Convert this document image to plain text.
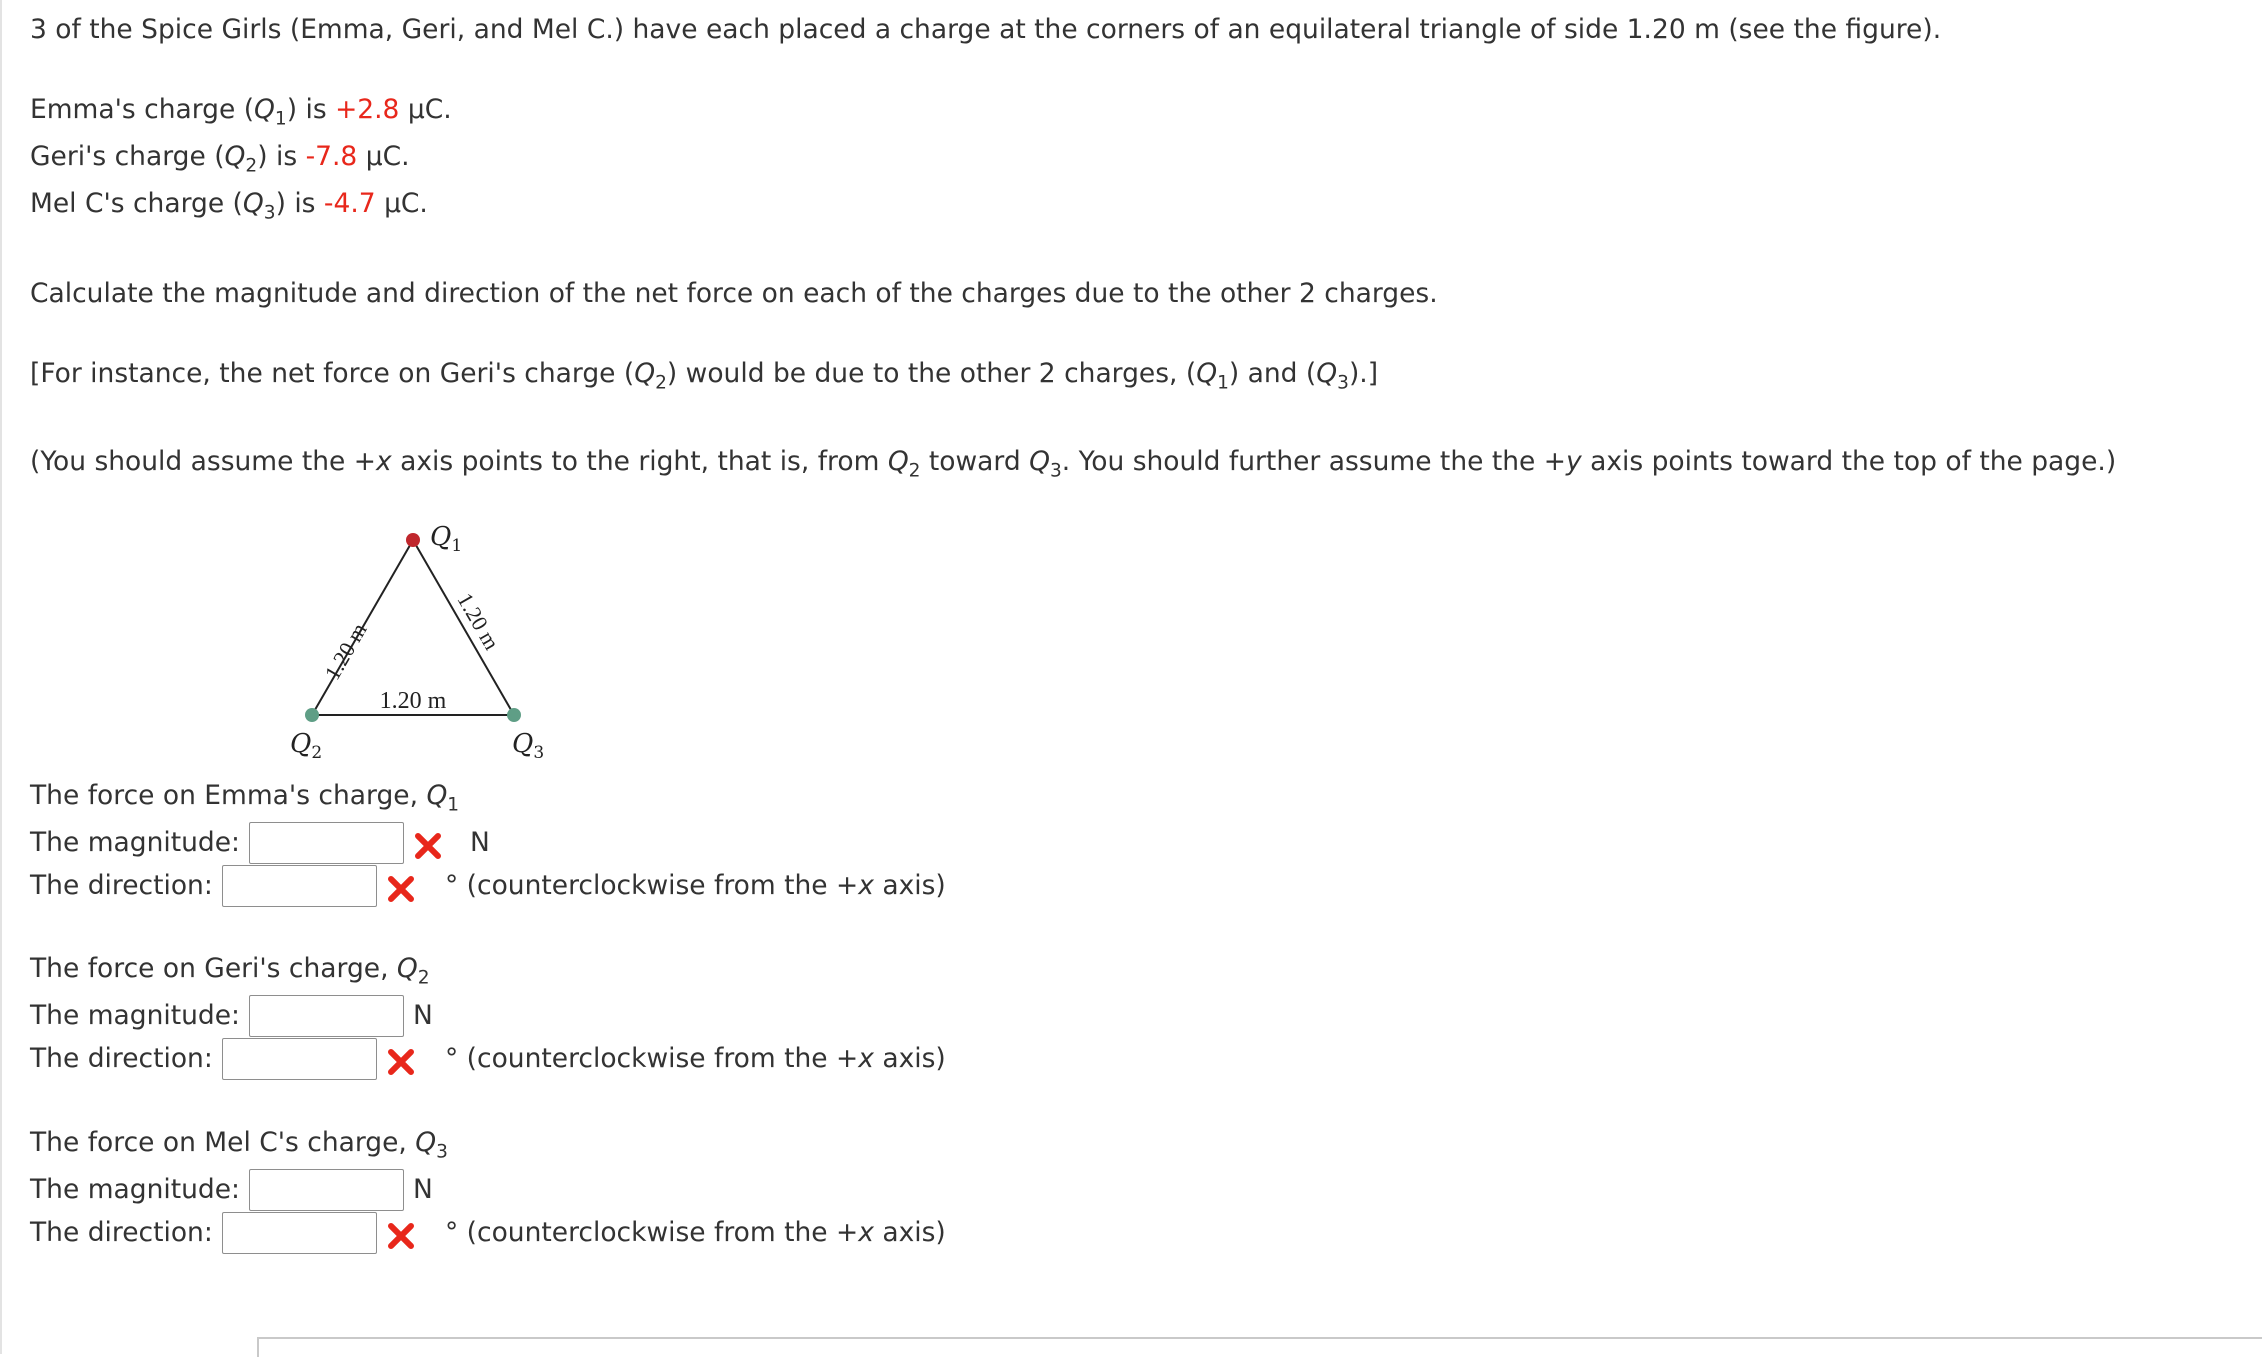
3 of the Spice Girls (Emma, Geri, and Mel C.) have each placed a charge at the corners of an equilateral triangle of side 1.20 m (see the figure).
Emma's charge $(Q_1)$ is +2.8 μC.
Geri's charge $(Q_2)$ is -7.8 μC.
Mel C's charge $(Q_3)$ is -4.7 μC.
Calculate the magnitude and direction of the net force on each of the charges due to the other 2 charges.
[For instance, the net force on Geri's charge $(Q_2)$ would be due to the other 2 charges, $(Q_1)$ and $(Q_3)$.]
(You should assume the +x axis points to the right, that is, from $Q_2$ toward $Q_3$. You should further assume the the +y axis points toward the top of the page.)
$Q_1$
$Q_2$	$Q_3$
1.20 m	1.20 m
1.20 m
The force on Emma's charge, $Q_1$
The magnitude:	N
The direction:	° (counterclockwise from the +x axis)
The force on Geri's charge, $Q_2$
The magnitude:	N
The direction:	° (counterclockwise from the +x axis)
The force on Mel C's charge, $Q_3$
The magnitude:	N
The direction:	° (counterclockwise from the +x axis)
